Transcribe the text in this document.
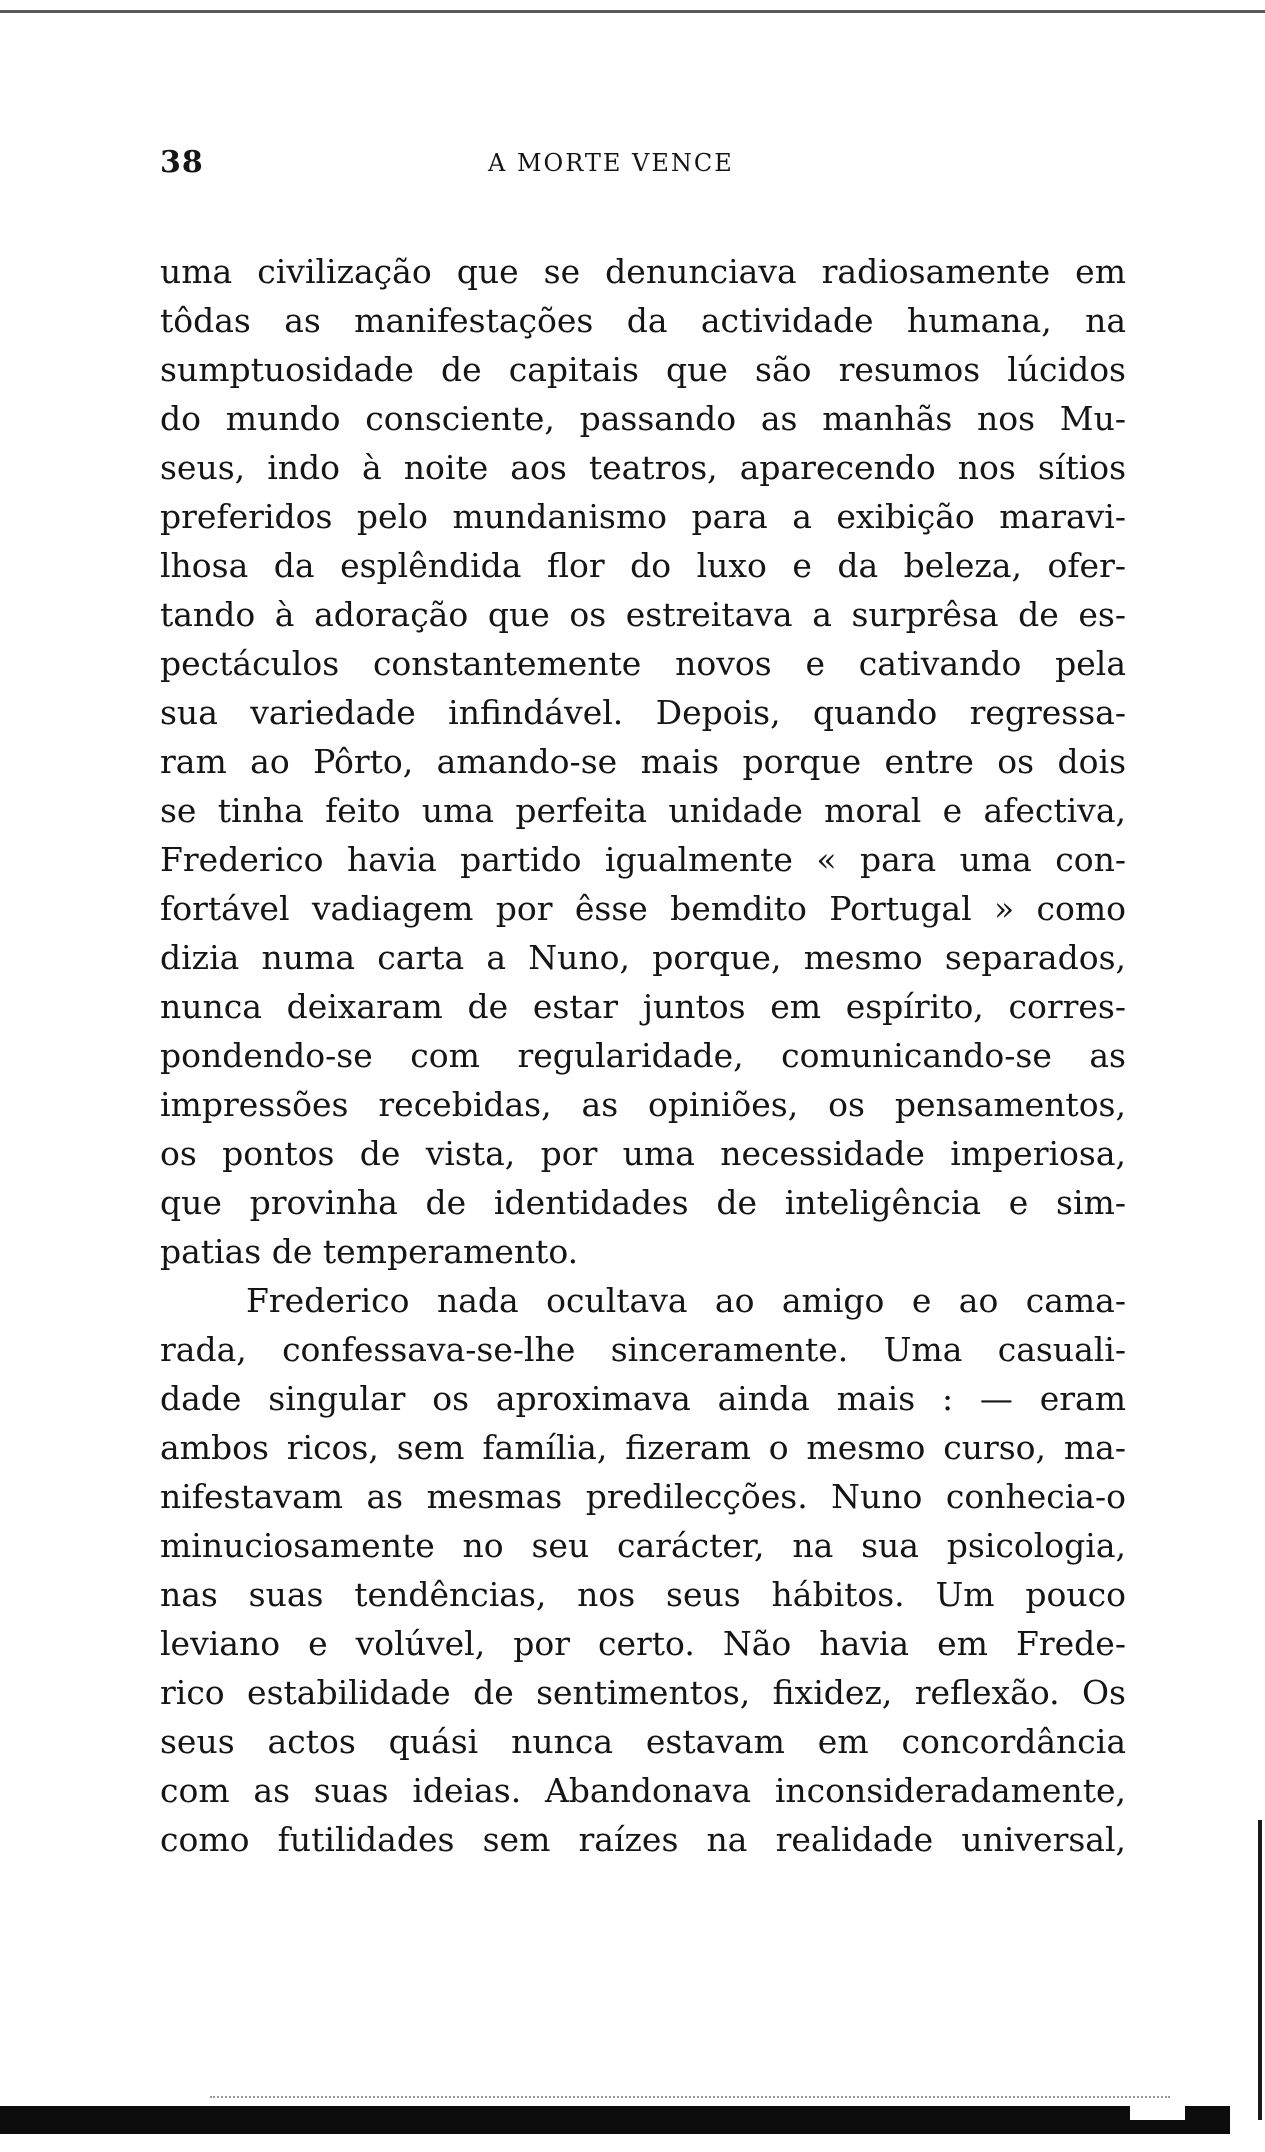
38	A MORTE VENCE
uma civilização que se denunciava radiosamente em
tôdas as manifestações da actividade humana, na
sumptuosidade de capitais que são resumos lúcidos
do mundo consciente, passando as manhãs nos Mu-
seus, indo à noite aos teatros, aparecendo nos sítios
preferidos pelo mundanismo para a exibição maravi-
lhosa da esplêndida flor do luxo e da beleza, ofer-
tando à adoração que os estreitava a surprêsa de es-
pectáculos constantemente novos e cativando pela
sua variedade infindável. Depois, quando regressa-
ram ao Pôrto, amando-se mais porque entre os dois
se tinha feito uma perfeita unidade moral e afectiva,
Frederico havia partido igualmente « para uma con-
fortável vadiagem por êsse bemdito Portugal » como
dizia numa carta a Nuno, porque, mesmo separados,
nunca deixaram de estar juntos em espírito, corres-
pondendo-se com regularidade, comunicando-se as
impressões recebidas, as opiniões, os pensamentos,
os pontos de vista, por uma necessidade imperiosa,
que provinha de identidades de inteligência e sim-
patias de temperamento.
Frederico nada ocultava ao amigo e ao cama-
rada, confessava-se-lhe sinceramente. Uma casuali-
dade singular os aproximava ainda mais : — eram
ambos ricos, sem família, fizeram o mesmo curso, ma-
nifestavam as mesmas predilecções. Nuno conhecia-o
minuciosamente no seu carácter, na sua psicologia,
nas suas tendências, nos seus hábitos. Um pouco
leviano e volúvel, por certo. Não havia em Frede-
rico estabilidade de sentimentos, fixidez, reflexão. Os
seus actos quási nunca estavam em concordância
com as suas ideias. Abandonava inconsideradamente,
como futilidades sem raízes na realidade universal,
